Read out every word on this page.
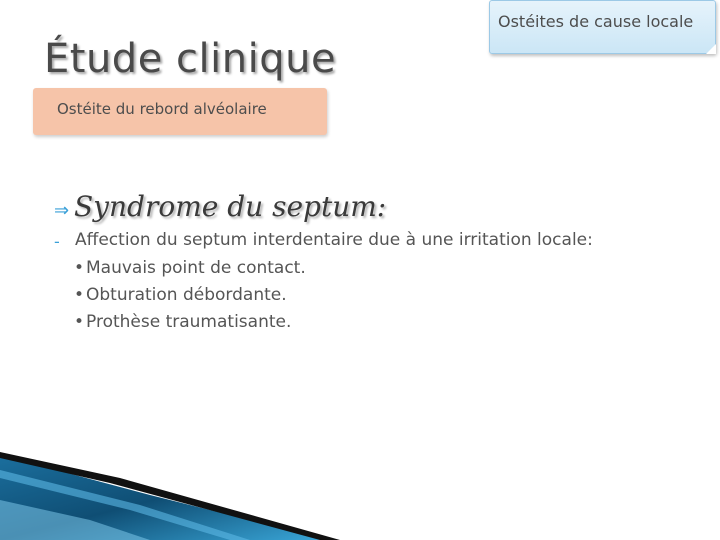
Étude clinique
Ostéites de cause locale
Ostéite du rebord alvéolaire
⇒ Syndrome du septum:
- Affection du septum interdentaire due à une irritation locale:
• Mauvais point de contact.
• Obturation débordante.
• Prothèse traumatisante.
